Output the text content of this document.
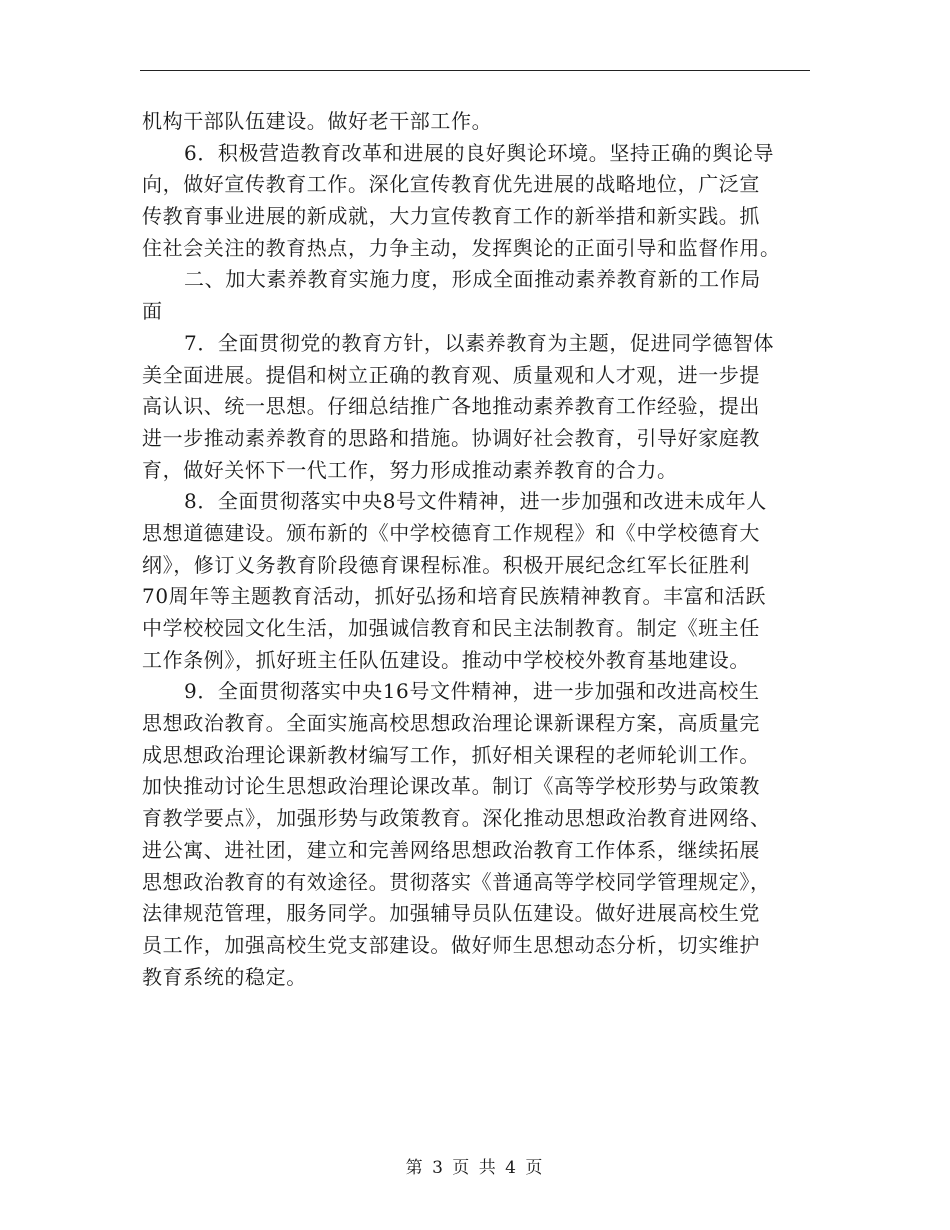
机构干部队伍建设。做好老干部工作。
6．积极营造教育改革和进展的良好舆论环境。坚持正确的舆论导
向，做好宣传教育工作。深化宣传教育优先进展的战略地位，广泛宣
传教育事业进展的新成就，大力宣传教育工作的新举措和新实践。抓
住社会关注的教育热点，力争主动，发挥舆论的正面引导和监督作用。
二、加大素养教育实施力度，形成全面推动素养教育新的工作局
面
7．全面贯彻党的教育方针，以素养教育为主题，促进同学德智体
美全面进展。提倡和树立正确的教育观、质量观和人才观，进一步提
高认识、统一思想。仔细总结推广各地推动素养教育工作经验，提出
进一步推动素养教育的思路和措施。协调好社会教育，引导好家庭教
育，做好关怀下一代工作，努力形成推动素养教育的合力。
8．全面贯彻落实中央8号文件精神，进一步加强和改进未成年人
思想道德建设。颁布新的《中学校德育工作规程》和《中学校德育大
纲》，修订义务教育阶段德育课程标准。积极开展纪念红军长征胜利
70周年等主题教育活动，抓好弘扬和培育民族精神教育。丰富和活跃
中学校校园文化生活，加强诚信教育和民主法制教育。制定《班主任
工作条例》，抓好班主任队伍建设。推动中学校校外教育基地建设。
9．全面贯彻落实中央16号文件精神，进一步加强和改进高校生
思想政治教育。全面实施高校思想政治理论课新课程方案，高质量完
成思想政治理论课新教材编写工作，抓好相关课程的老师轮训工作。
加快推动讨论生思想政治理论课改革。制订《高等学校形势与政策教
育教学要点》，加强形势与政策教育。深化推动思想政治教育进网络、
进公寓、进社团，建立和完善网络思想政治教育工作体系，继续拓展
思想政治教育的有效途径。贯彻落实《普通高等学校同学管理规定》，
法律规范管理，服务同学。加强辅导员队伍建设。做好进展高校生党
员工作，加强高校生党支部建设。做好师生思想动态分析，切实维护
教育系统的稳定。
第 3 页 共 4 页
